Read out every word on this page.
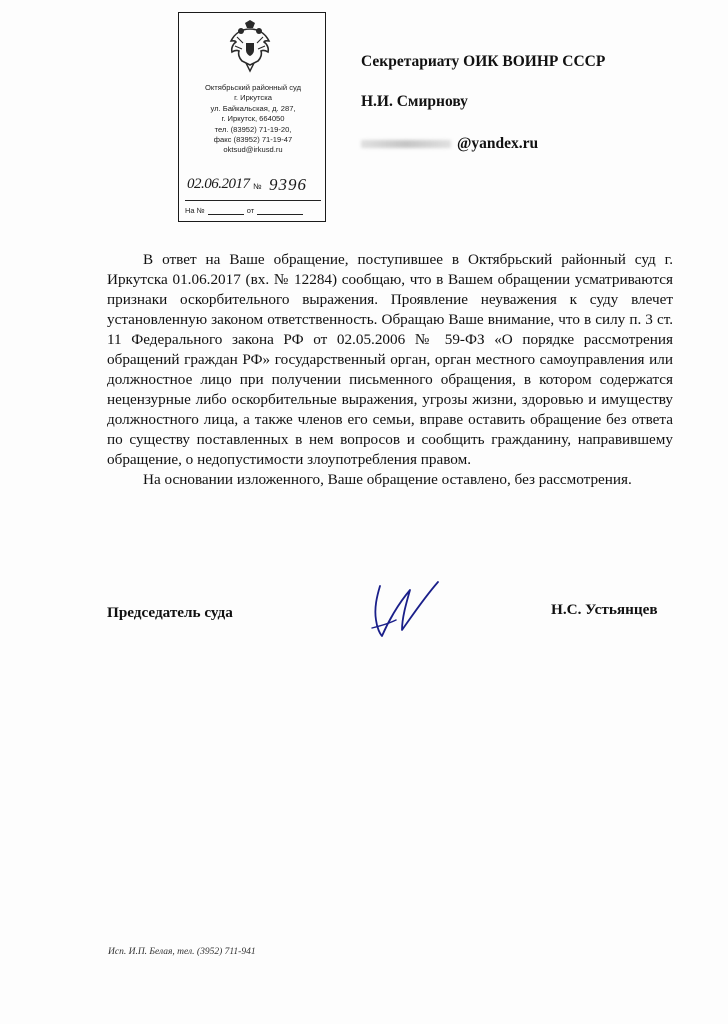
Октябрьский районный суд
г. Иркутска
ул. Байкальская, д. 287,
г. Иркутск, 664050
тел. (83952) 71-19-20,
факс (83952) 71-19-47
oktsud@irkusd.ru
02.06.2017 № 9396
На №	от
Секретариату ОИК ВОИНР СССР
Н.И. Смирнову
@yandex.ru

В ответ на Ваше обращение, поступившее в Октябрьский районный суд г. Иркутска 01.06.2017 (вх. № 12284) сообщаю, что в Вашем обращении усматриваются признаки оскорбительного выражения. Проявление неуважения к суду влечет установленную законом ответственность. Обращаю Ваше внимание, что в силу п. 3 ст. 11 Федерального закона РФ от 02.05.2006 № 59-ФЗ «О порядке рассмотрения обращений граждан РФ» государственный орган, орган местного самоуправления или должностное лицо при получении письменного обращения, в котором содержатся нецензурные либо оскорбительные выражения, угрозы жизни, здоровью и имуществу должностного лица, а также членов его семьи, вправе оставить обращение без ответа по существу поставленных в нем вопросов и сообщить гражданину, направившему обращение, о недопустимости злоупотребления правом.

На основании изложенного, Ваше обращение оставлено, без рассмотрения.

Председатель суда	Н.С. Устьянцев
Исп. И.П. Белая, тел. (3952) 711-941
